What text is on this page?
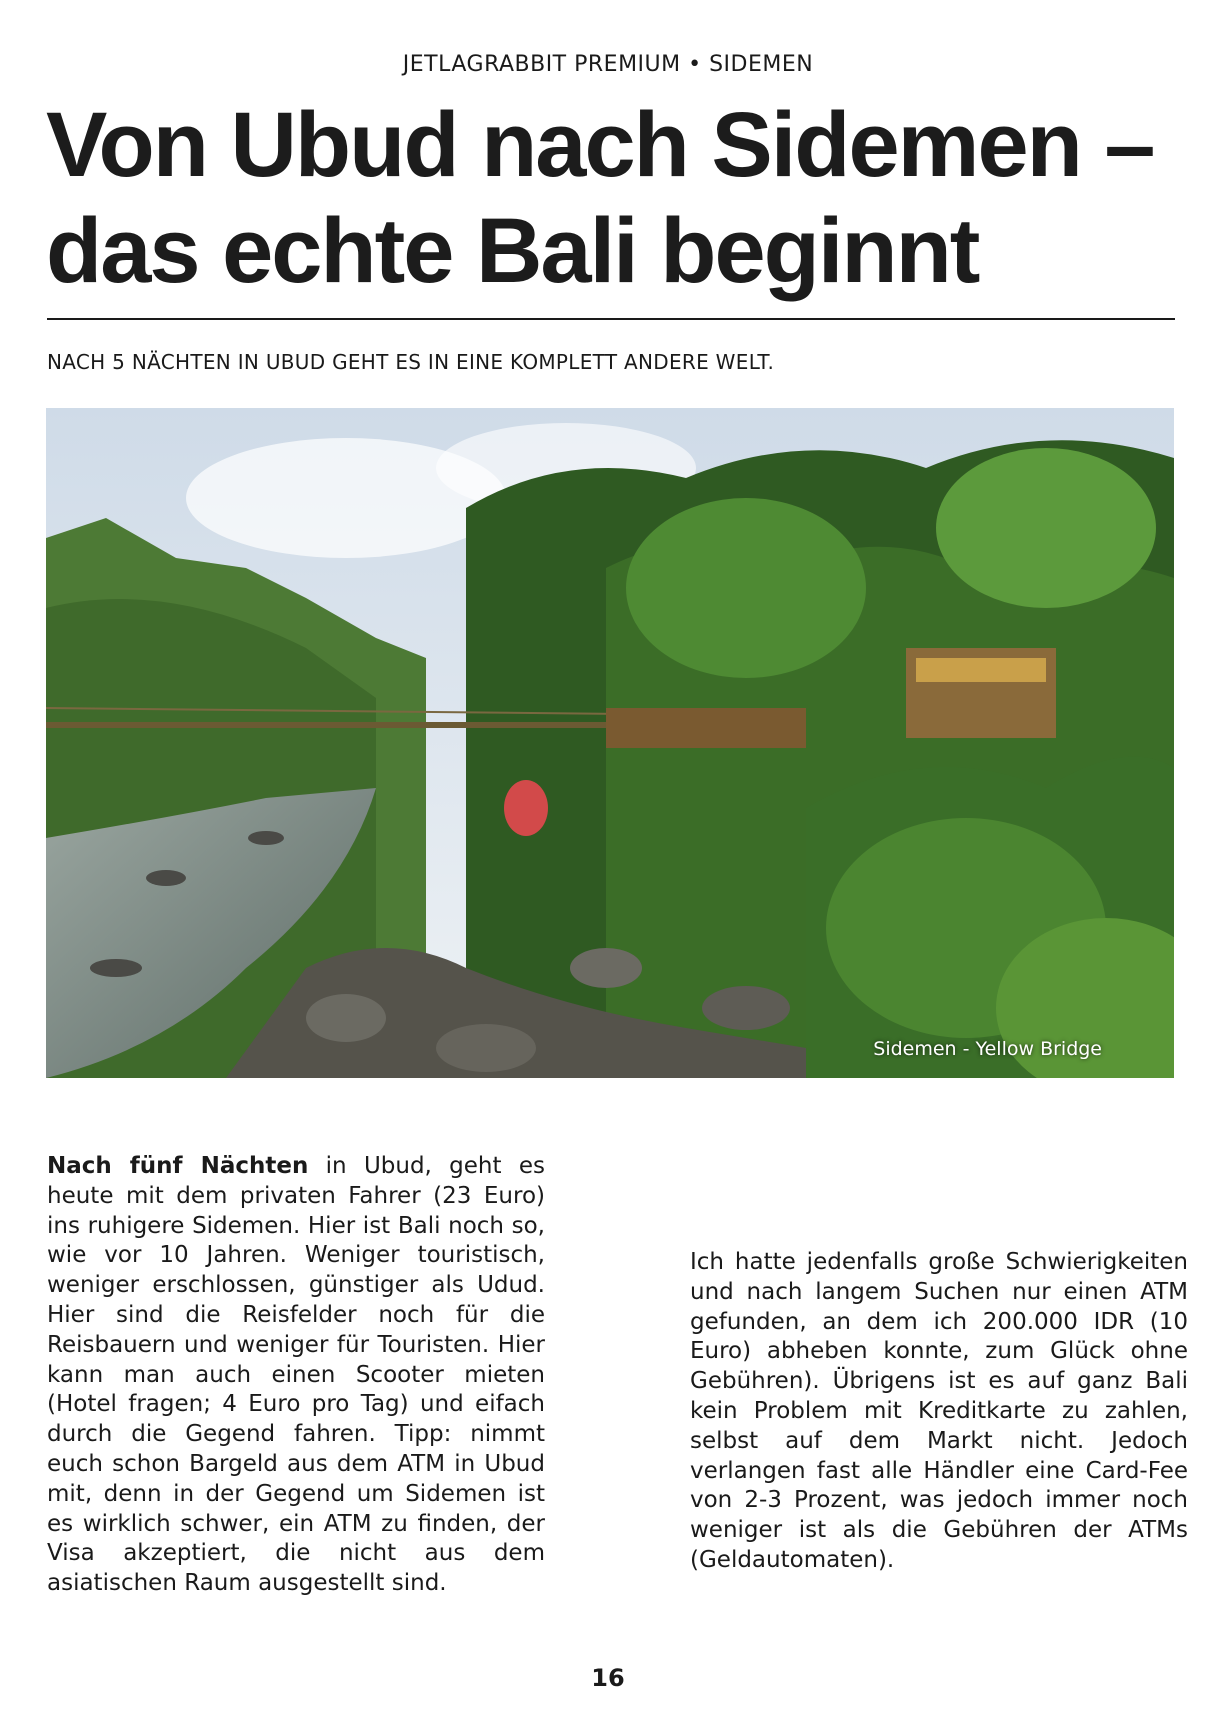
JETLAGRABBIT PREMIUM • SIDEMEN
Von Ubud nach Sidemen –
das echte Bali beginnt
NACH 5 NÄCHTEN IN UBUD GEHT ES IN EINE KOMPLETT ANDERE WELT.
Sidemen - Yellow Bridge
Nach fünf Nächten in Ubud, geht es heute mit dem privaten Fahrer (23 Euro) ins ruhigere Sidemen. Hier ist Bali noch so, wie vor 10 Jahren. Weniger touristisch, weniger erschlossen, günstiger als Udud. Hier sind die Reisfelder noch für die Reisbauern und weniger für Touristen. Hier kann man auch einen Scooter mieten (Hotel fragen; 4 Euro pro Tag) und eifach durch die Gegend fahren. Tipp: nimmt euch schon Bargeld aus dem ATM in Ubud mit, denn in der Gegend um Sidemen ist es wirklich schwer, ein ATM zu finden, der Visa akzeptiert, die nicht aus dem asiatischen Raum ausgestellt sind.
Ich hatte jedenfalls große Schwierigkeiten und nach langem Suchen nur einen ATM gefunden, an dem ich 200.000 IDR (10 Euro) abheben konnte, zum Glück ohne Gebühren). Übrigens ist es auf ganz Bali kein Problem mit Kreditkarte zu zahlen, selbst auf dem Markt nicht. Jedoch verlangen fast alle Händler eine Card-Fee von 2-3 Prozent, was jedoch immer noch weniger ist als die Gebühren der ATMs (Geldautomaten).
16
